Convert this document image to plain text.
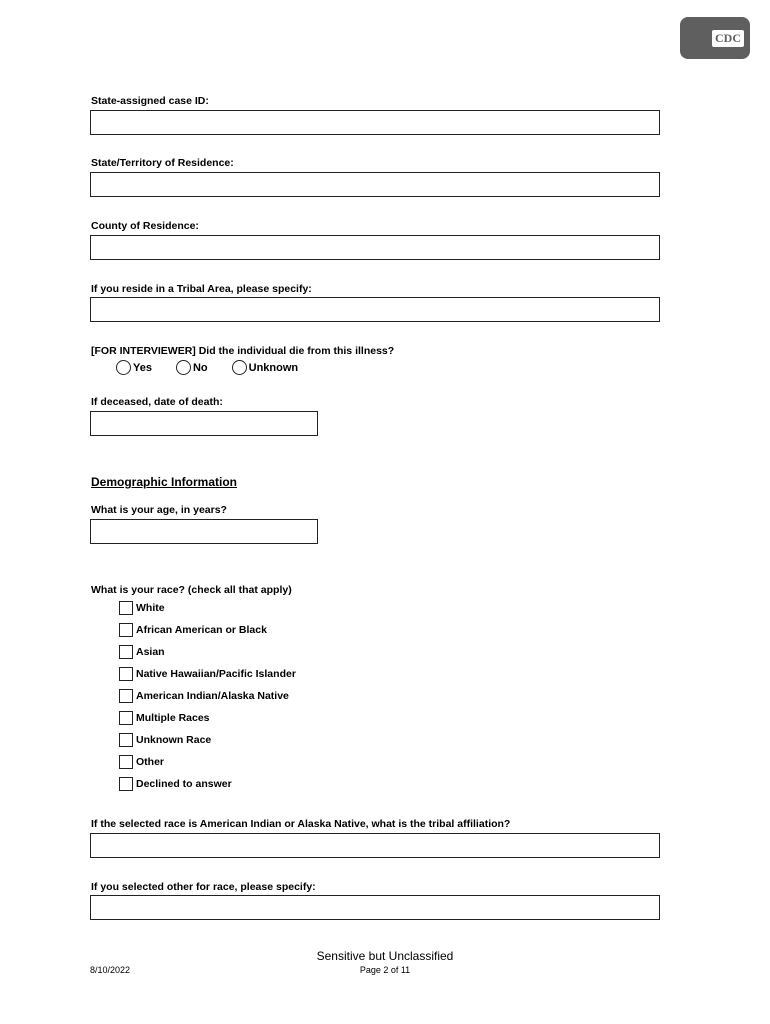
CDC
State-assigned case ID:
State/Territory of Residence:
County of Residence:
If you reside in a Tribal Area, please specify:
[FOR INTERVIEWER] Did the individual die from this illness?
Yes	No	Unknown
If deceased, date of death:
Demographic Information
What is your age, in years?
What is your race? (check all that apply)
White
African American or Black
Asian
Native Hawaiian/Pacific Islander
American Indian/Alaska Native
Multiple Races
Unknown Race
Other
Declined to answer
If the selected race is American Indian or Alaska Native, what is the tribal affiliation?
If you selected other for race, please specify:
Sensitive but Unclassified
8/10/2022	Page 2 of 11
